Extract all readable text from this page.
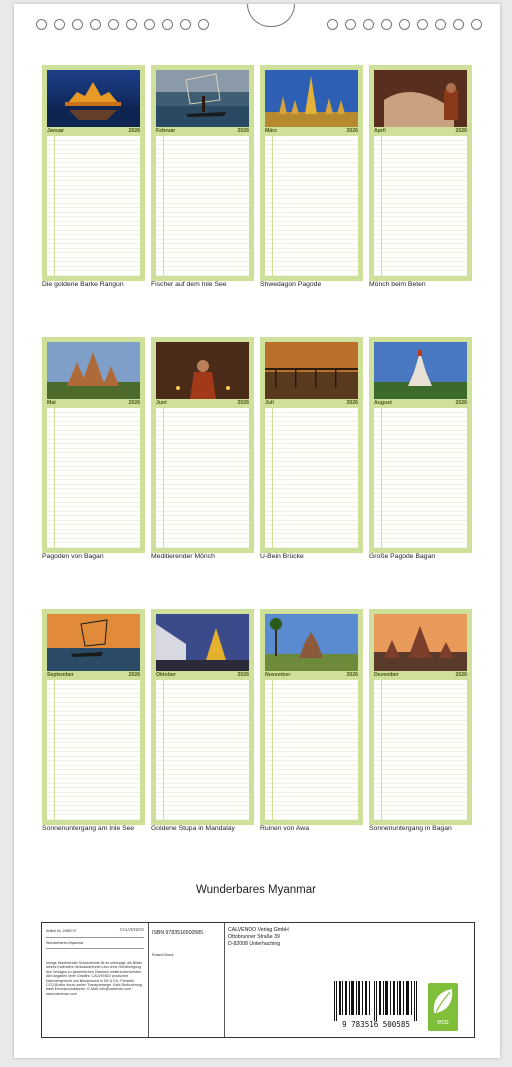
Januar	2026
Die goldene Barke Rangun
Februar	2026
Fischer auf dem Inle See
März	2026
Shwedagon Pagode
April	2026
Mönch beim Beten
Mai	2026
Pagoden von Bagan
Juni	2026
Meditierender Mönch
Juli	2026
U-Bein Brücke
August	2026
Große Pagode Bagan
September	2026
Sonnenuntergang am Inle See
Oktober	2026
Goldene Stupa in Mandalay
November	2026
Ruinen von Awa
Dezember	2026
Sonnenuntergang in Bagan
Wunderbares Myanmar
Artikel Nr. 2985747	CALVENDO
Wunderbares Myanmar
Infolge bestehender Schutzrechte ist es untersagt, die Bilder dieses Kalenders herauszutrennen und ohne Genehmigung des Verlages zu gewerblichen Zwecken weiterzuverwenden. Alle Angaben ohne Gewähr. CALVENDO produziert kalendergerecht und klimaneutral in DE & EU. Preis/ein CCO-Buche durch sorten Transportwege. Kahl-Reduzierung dank Einzelproduktionen. E-Mail: info@calvendo.com · www.calvendo.com
ISBN 9783516500585
Roland Brack
CALVENDO Verlag GmbH
Ottobrunner Straße 39
D-82008 Unterhaching
9 783516 500585	eco
